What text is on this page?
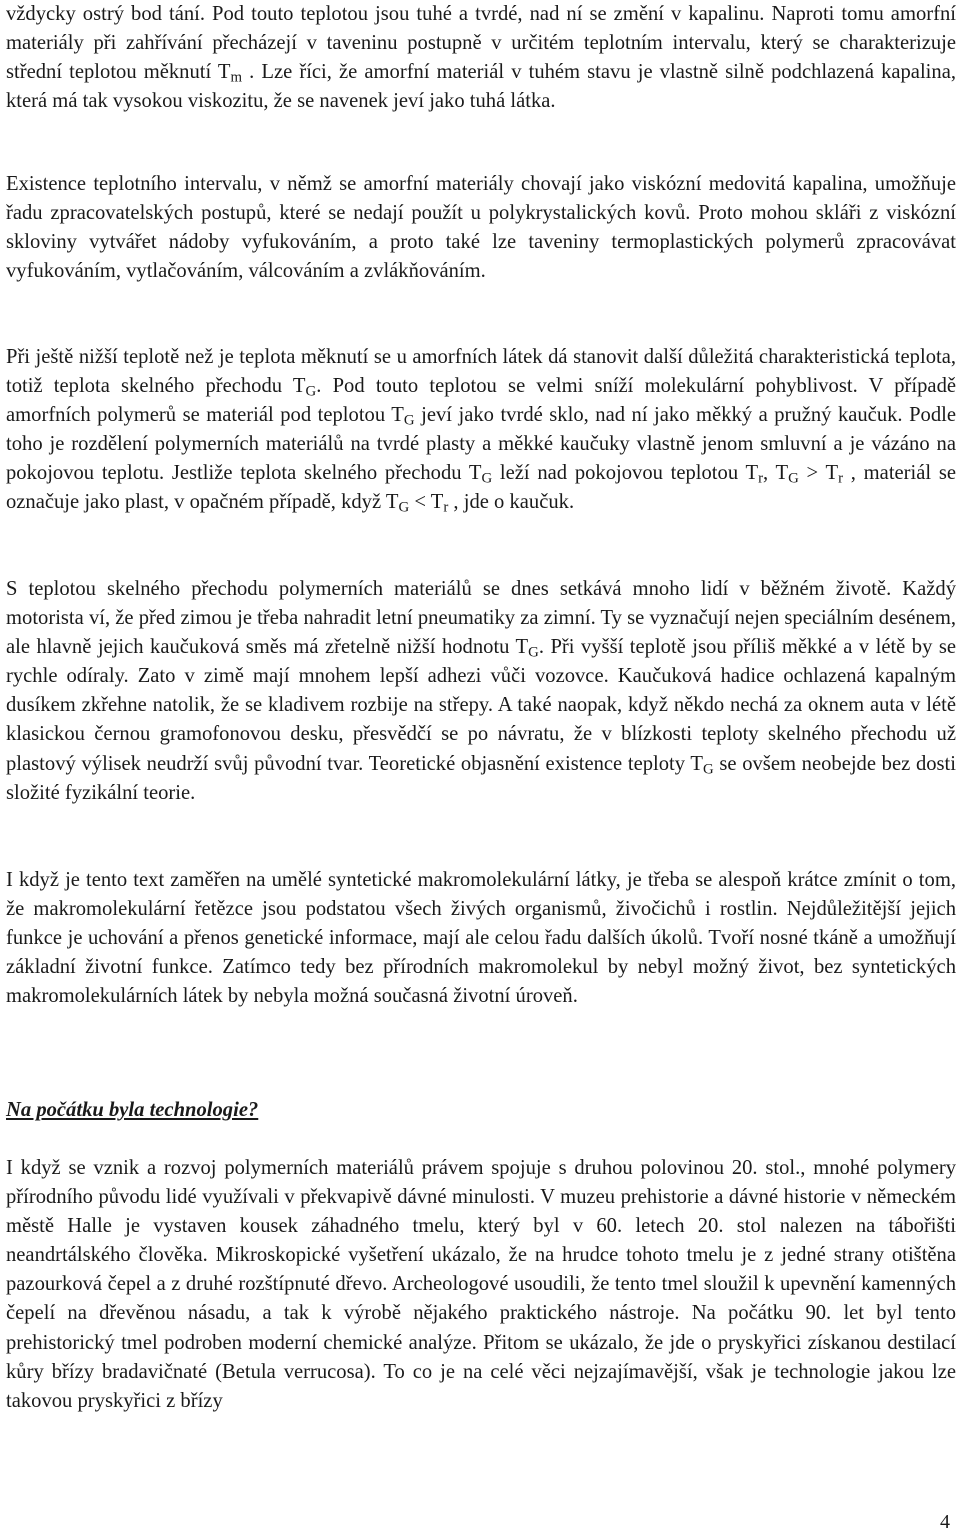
vždycky ostrý bod tání. Pod touto teplotou jsou tuhé a tvrdé, nad ní se změní v kapalinu. Naproti tomu amorfní materiály při zahřívání přecházejí v taveninu postupně v určitém teplotním intervalu, který se charakterizuje střední teplotou měknutí $T_m$ . Lze říci, že amorfní materiál v tuhém stavu je vlastně silně podchlazená kapalina, která má tak vysokou viskozitu, že se navenek jeví jako tuhá látka.

Existence teplotního intervalu, v němž se amorfní materiály chovají jako viskózní medovitá kapalina, umožňuje řadu zpracovatelských postupů, které se nedají použít u polykrystalických kovů. Proto mohou skláři z viskózní skloviny vytvářet nádoby vyfukováním, a proto také lze taveniny termoplastických polymerů zpracovávat vyfukováním, vytlačováním, válcováním a zvlákňováním.

Při ještě nižší teplotě než je teplota měknutí se u amorfních látek dá stanovit další důležitá charakteristická teplota, totiž teplota skelného přechodu $T_G$. Pod touto teplotou se velmi sníží molekulární pohyblivost. V případě amorfních polymerů se materiál pod teplotou $T_G$ jeví jako tvrdé sklo, nad ní jako měkký a pružný kaučuk. Podle toho je rozdělení polymerních materiálů na tvrdé plasty a měkké kaučuky vlastně jenom smluvní a je vázáno na pokojovou teplotu. Jestliže teplota skelného přechodu $T_G$ leží nad pokojovou teplotou $T_r$, $T_G > T_r$ , materiál se označuje jako plast, v opačném případě, když $T_G < T_r$ , jde o kaučuk.

S teplotou skelného přechodu polymerních materiálů se dnes setkává mnoho lidí v běžném životě. Každý motorista ví, že před zimou je třeba nahradit letní pneumatiky za zimní. Ty se vyznačují nejen speciálním desénem, ale hlavně jejich kaučuková směs má zřetelně nižší hodnotu $T_G$. Při vyšší teplotě jsou příliš měkké a v létě by se rychle odíraly. Zato v zimě mají mnohem lepší adhezi vůči vozovce. Kaučuková hadice ochlazená kapalným dusíkem zkřehne natolik, že se kladivem rozbije na střepy. A také naopak, když někdo nechá za oknem auta v létě klasickou černou gramofonovou desku, přesvědčí se po návratu, že v blízkosti teploty skelného přechodu už plastový výlisek neudrží svůj původní tvar. Teoretické objasnění existence teploty $T_G$ se ovšem neobejde bez dosti složité fyzikální teorie.

I když je tento text zaměřen na umělé syntetické makromolekulární látky, je třeba se alespoň krátce zmínit o tom, že makromolekulární řetězce jsou podstatou všech živých organismů, živočichů i rostlin. Nejdůležitější jejich funkce je uchování a přenos genetické informace, mají ale celou řadu dalších úkolů. Tvoří nosné tkáně a umožňují základní životní funkce. Zatímco tedy bez přírodních makromolekul by nebyl možný život, bez syntetických makromolekulárních látek by nebyla možná současná životní úroveň.

Na počátku byla technologie?

I když se vznik a rozvoj polymerních materiálů právem spojuje s druhou polovinou 20. stol., mnohé polymery přírodního původu lidé využívali v překvapivě dávné minulosti. V muzeu prehistorie a dávné historie v německém městě Halle je vystaven kousek záhadného tmelu, který byl v 60. letech 20. stol nalezen na tábořišti neandrtálského člověka. Mikroskopické vyšetření ukázalo, že na hrudce tohoto tmelu je z jedné strany otištěna pazourková čepel a z druhé rozštípnuté dřevo. Archeologové usoudili, že tento tmel sloužil k upevnění kamenných čepelí na dřevěnou násadu, a tak k výrobě nějakého praktického nástroje. Na počátku 90. let byl tento prehistorický tmel podroben moderní chemické analýze. Přitom se ukázalo, že jde o pryskyřici získanou destilací kůry břízy bradavičnaté (Betula verrucosa). To co je na celé věci nejzajímavější, však je technologie jakou lze takovou pryskyřici z břízy

4
